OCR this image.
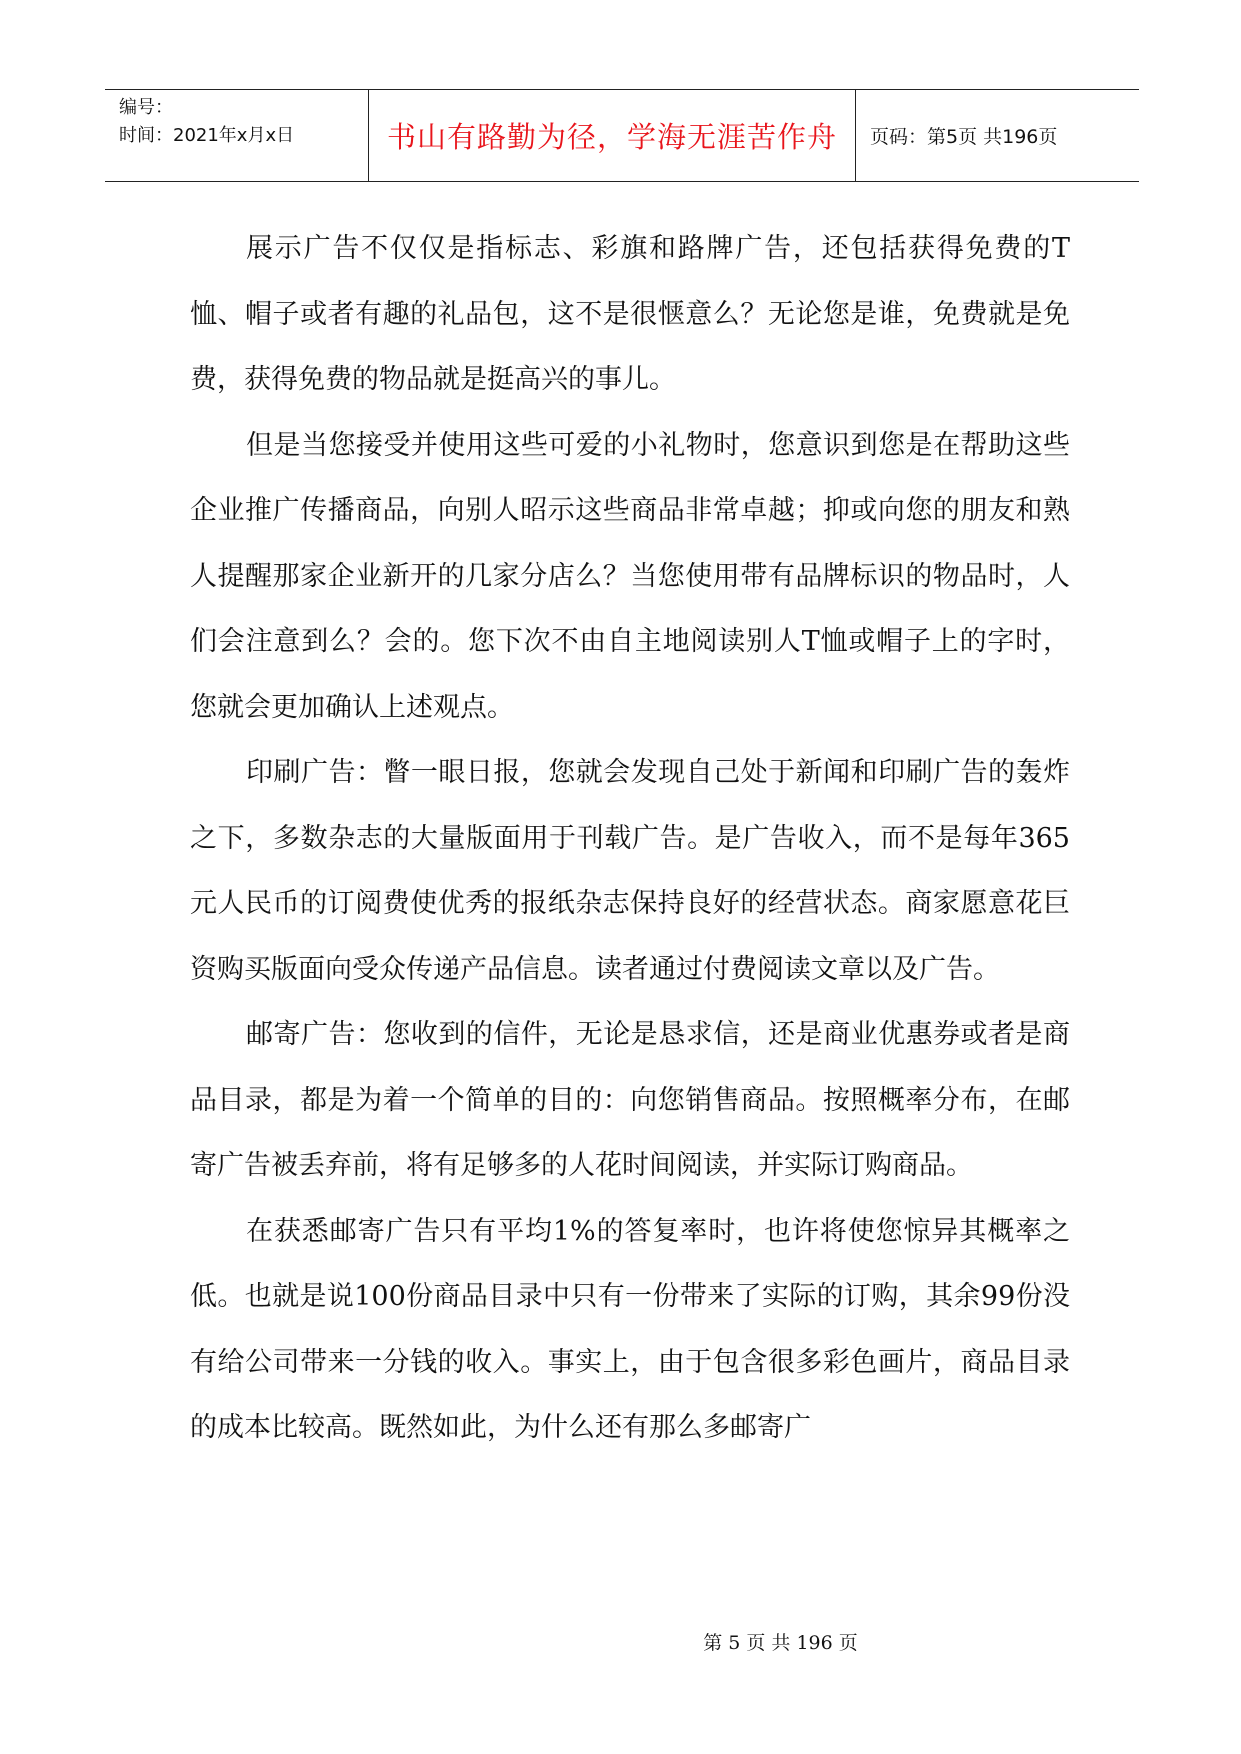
编号：
时间：2021年x月x日	书山有路勤为径，学海无涯苦作舟	页码：第5页 共196页

展示广告不仅仅是指标志、彩旗和路牌广告，还包括获得免费的T恤、帽子或者有趣的礼品包，这不是很惬意么？无论您是谁，免费就是免费，获得免费的物品就是挺高兴的事儿。

但是当您接受并使用这些可爱的小礼物时，您意识到您是在帮助这些企业推广传播商品，向别人昭示这些商品非常卓越；抑或向您的朋友和熟人提醒那家企业新开的几家分店么？当您使用带有品牌标识的物品时，人们会注意到么？会的。您下次不由自主地阅读别人T恤或帽子上的字时，您就会更加确认上述观点。

印刷广告：瞥一眼日报，您就会发现自己处于新闻和印刷广告的轰炸之下，多数杂志的大量版面用于刊载广告。是广告收入，而不是每年365元人民币的订阅费使优秀的报纸杂志保持良好的经营状态。商家愿意花巨资购买版面向受众传递产品信息。读者通过付费阅读文章以及广告。

邮寄广告：您收到的信件，无论是恳求信，还是商业优惠券或者是商品目录，都是为着一个简单的目的：向您销售商品。按照概率分布，在邮寄广告被丢弃前，将有足够多的人花时间阅读，并实际订购商品。

在获悉邮寄广告只有平均1%的答复率时，也许将使您惊异其概率之低。也就是说100份商品目录中只有一份带来了实际的订购，其余99份没有给公司带来一分钱的收入。事实上，由于包含很多彩色画片，商品目录的成本比较高。既然如此，为什么还有那么多邮寄广

第 5 页 共 196 页
